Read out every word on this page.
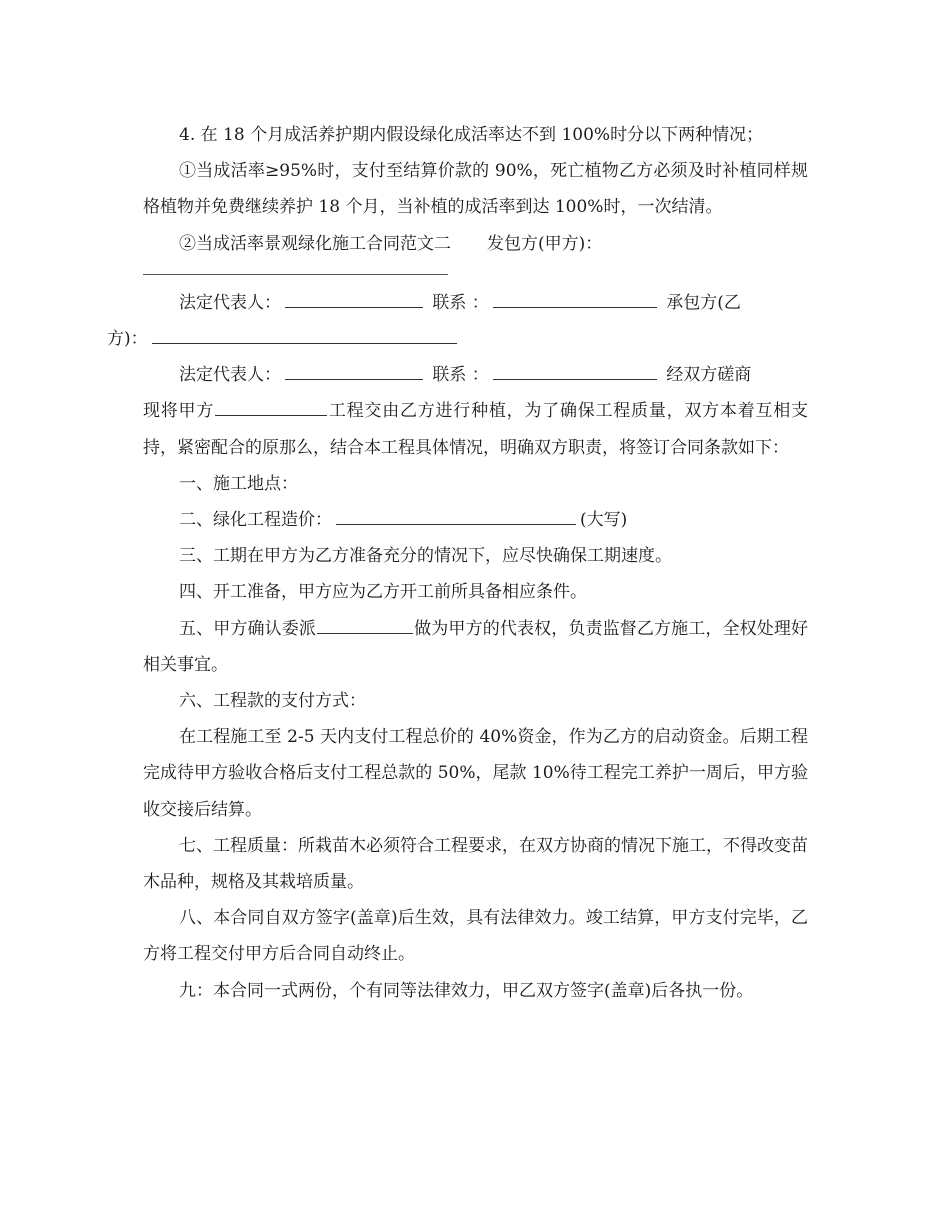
4. 在 18 个月成活养护期内假设绿化成活率达不到 100%时分以下两种情况；

①当成活率≥95%时，支付至结算价款的 90%，死亡植物乙方必须及时补植同样规格植物并免费继续养护 18 个月，当补植的成活率到达 100%时，一次结清。

②当成活率景观绿化施工合同范文二 发包方(甲方)：

法定代表人：	联系 ：	承包方(乙
方)：

法定代表人：	联系 ：	经双方磋商

现将甲方	工程交由乙方进行种植，为了确保工程质量，双方本着互相支持，紧密配合的原那么，结合本工程具体情况，明确双方职责，将签订合同条款如下：

一、施工地点：

二、绿化工程造价：	(大写)

三、工期在甲方为乙方准备充分的情况下，应尽快确保工期速度。

四、开工准备，甲方应为乙方开工前所具备相应条件。

五、甲方确认委派	做为甲方的代表权，负责监督乙方施工，全权处理好相关事宜。

六、工程款的支付方式：

在工程施工至 2-5 天内支付工程总价的 40%资金，作为乙方的启动资金。后期工程完成待甲方验收合格后支付工程总款的 50%，尾款 10%待工程完工养护一周后，甲方验收交接后结算。

七、工程质量：所栽苗木必须符合工程要求，在双方协商的情况下施工，不得改变苗木品种，规格及其栽培质量。

八、本合同自双方签字(盖章)后生效，具有法律效力。竣工结算，甲方支付完毕，乙方将工程交付甲方后合同自动终止。

九：本合同一式两份，个有同等法律效力，甲乙双方签字(盖章)后各执一份。
